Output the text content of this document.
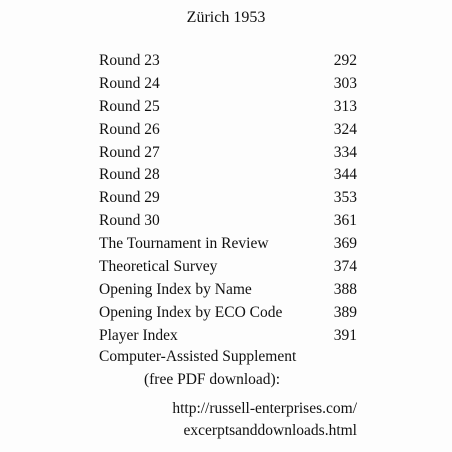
Zürich 1953
Round 23	292
Round 24	303
Round 25	313
Round 26	324
Round 27	334
Round 28	344
Round 29	353
Round 30	361
The Tournament in Review	369
Theoretical Survey	374
Opening Index by Name	388
Opening Index by ECO Code	389
Player Index	391
Computer-Assisted Supplement
(free PDF download):
http://russell-enterprises.com/
excerptsanddownloads.html
